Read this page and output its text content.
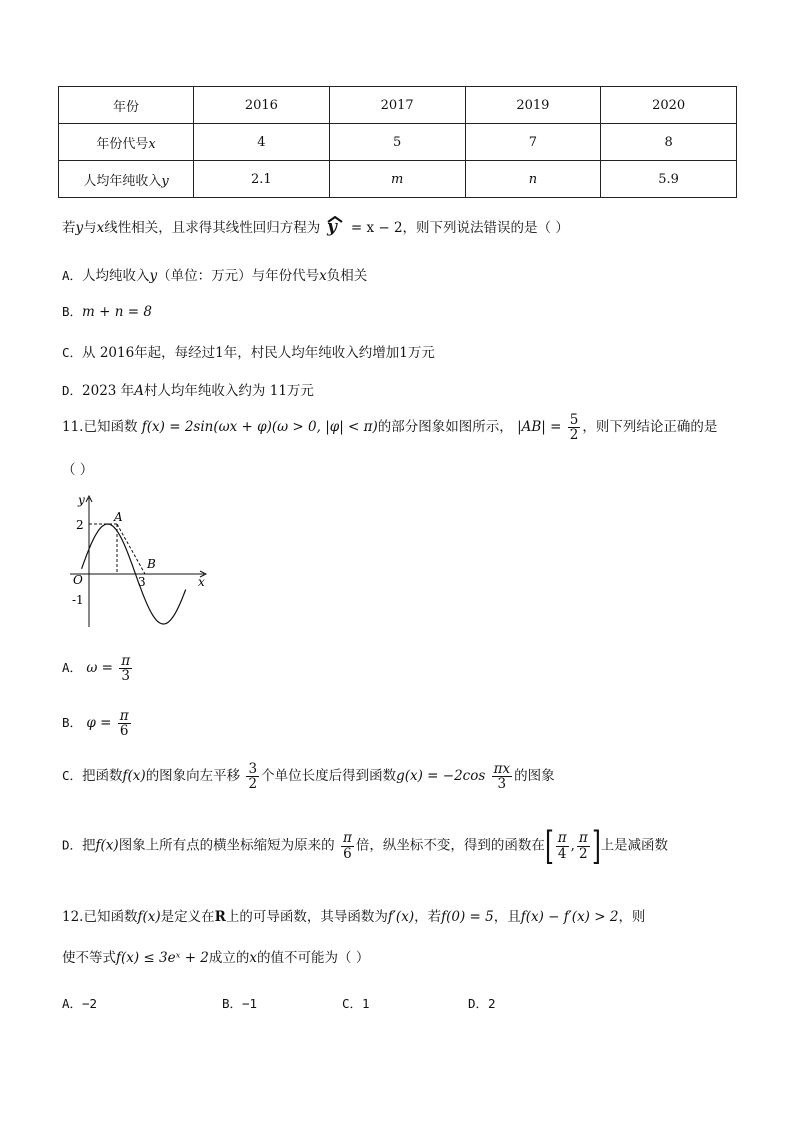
年份	2016	2017	2019	2020
年份代号x	4	5	7	8
人均年纯收入y	2.1	m	n	5.9
若y与x线性相关，且求得其线性回归方程为 y = x − 2，则下列说法错误的是（ ）
A．人均纯收入y（单位：万元）与年份代号x负相关
B．m + n = 8
C．从 2016年起，每经过1年，村民人均年纯收入约增加1万元
D．2023 年A村人均年纯收入约为 11万元
11.已知函数 f(x) = 2sin(ωx + φ)(ω > 0, |φ| < π)的部分图象如图所示， $|AB| = \frac{5}{2}$ ，则下列结论正确的是
（ ）
y
x
O
2
-1
3
A
B
A． $\omega = \frac{\pi}{3}$
B． $\varphi = \frac{\pi}{6}$
C．把函数f(x)的图象向左平移 $\frac{3}{2}$ 个单位长度后得到函数$g(x) = -2\cos \frac{\pi x}{3}$ 的图象
D．把f(x)图象上所有点的横坐标缩短为原来的 $\frac{\pi}{6}$ 倍，纵坐标不变，得到的函数在[ $\frac{\pi}{4}$ , $\frac{\pi}{2}$ ]上是减函数
12.已知函数f(x)是定义在R上的可导函数，其导函数为f′(x)，若f(0) = 5，且f(x) − f′(x) > 2，则
使不等式f(x) ≤ 3eˣ + 2成立的x的值不可能为（ ）
A．−2	B．−1	C．1	D．2
